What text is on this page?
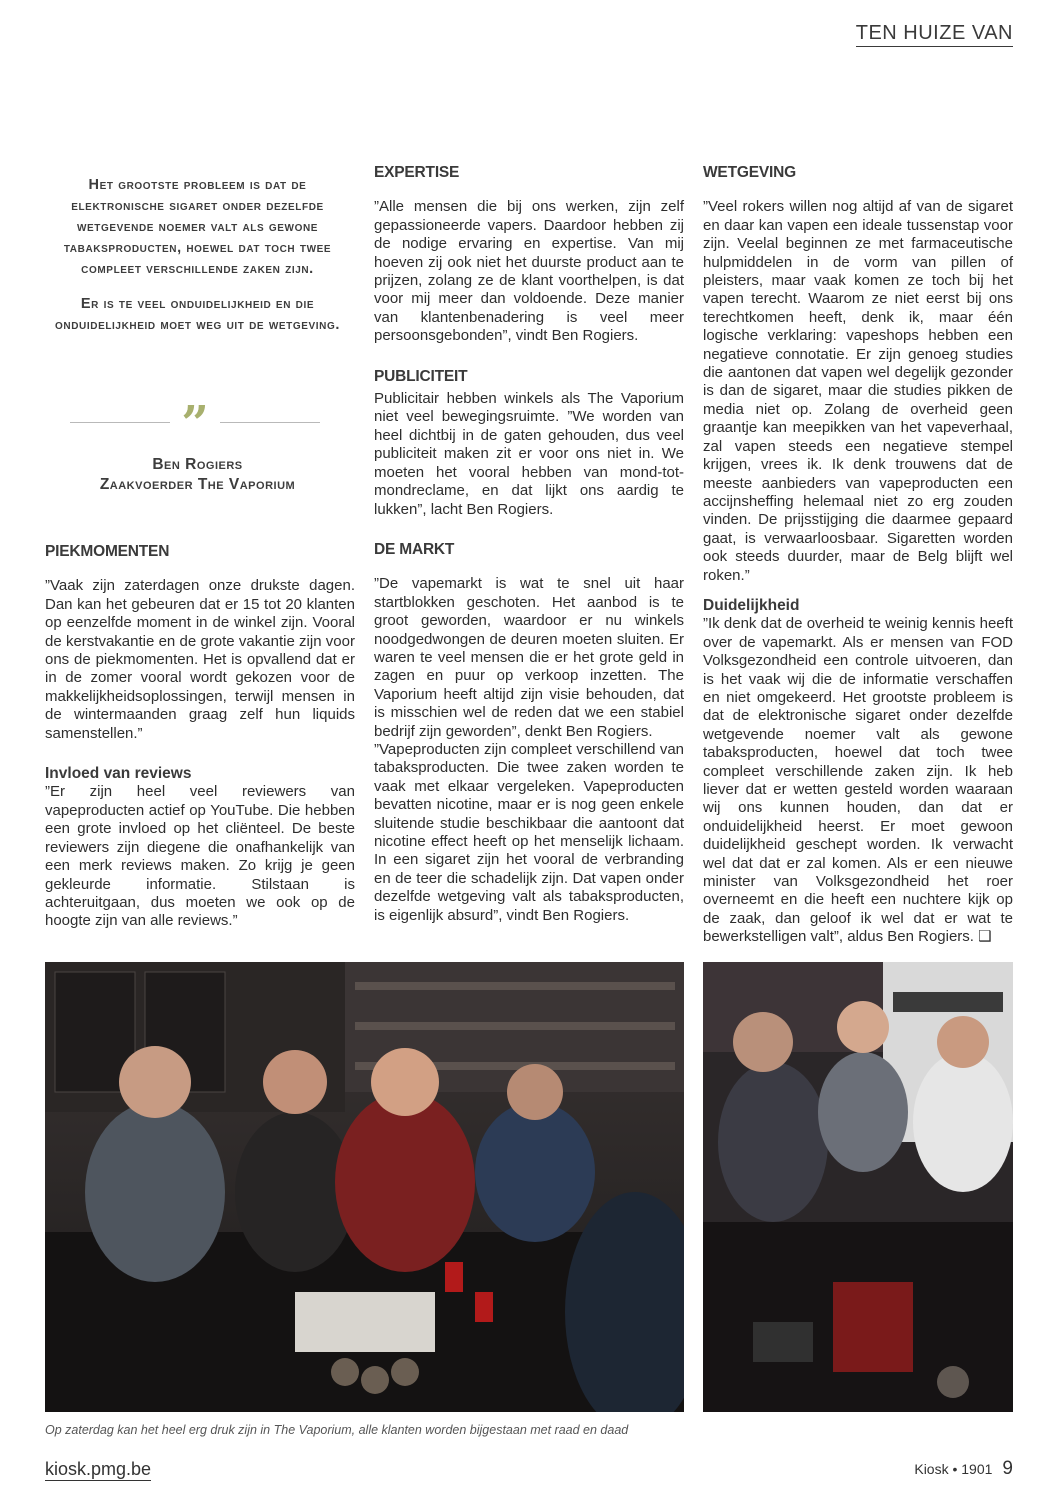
TEN HUIZE VAN

Het grootste probleem is dat de elektronische sigaret onder dezelfde wetgevende noemer valt als gewone tabaksproducten, hoewel dat toch twee compleet verschillende zaken zijn.

Er is te veel onduidelijkheid en die onduidelijkheid moet weg uit de wetgeving.

”
Ben Rogiers
Zaakvoerder The Vaporium
PIEKMOMENTEN

”Vaak zijn zaterdagen onze drukste dagen. Dan kan het gebeuren dat er 15 tot 20 klanten op eenzelfde moment in de winkel zijn. Vooral de kerstvakantie en de grote vakantie zijn voor ons de piekmomenten. Het is opvallend dat er in de zomer vooral wordt gekozen voor de makkelijkheidsoplossingen, terwijl mensen in de wintermaanden graag zelf hun liquids samenstellen.”

Invloed van reviews

”Er zijn heel veel reviewers van vapeproducten actief op YouTube. Die hebben een grote invloed op het cliënteel. De beste reviewers zijn diegene die onafhankelijk van een merk reviews maken. Zo krijg je geen gekleurde informatie. Stilstaan is achteruitgaan, dus moeten we ook op de hoogte zijn van alle reviews.”

EXPERTISE

”Alle mensen die bij ons werken, zijn zelf gepassioneerde vapers. Daardoor hebben zij de nodige ervaring en expertise. Van mij hoeven zij ook niet het duurste product aan te prijzen, zolang ze de klant voorthelpen, is dat voor mij meer dan voldoende. Deze manier van klantenbenadering is veel meer persoonsgebonden”, vindt Ben Rogiers.

PUBLICITEIT

Publicitair hebben winkels als The Vaporium niet veel bewegingsruimte. ”We worden van heel dichtbij in de gaten gehouden, dus veel publiciteit maken zit er voor ons niet in. We moeten het vooral hebben van mond-tot-mondreclame, en dat lijkt ons aardig te lukken”, lacht Ben Rogiers.

DE MARKT

”De vapemarkt is wat te snel uit haar startblokken geschoten. Het aanbod is te groot geworden, waardoor er nu winkels noodgedwongen de deuren moeten sluiten. Er waren te veel mensen die er het grote geld in zagen en puur op verkoop inzetten. The Vaporium heeft altijd zijn visie behouden, dat is misschien wel de reden dat we een stabiel bedrijf zijn geworden”, denkt Ben Rogiers.

”Vapeproducten zijn compleet verschillend van tabaksproducten. Die twee zaken worden te vaak met elkaar vergeleken. Vapeproducten bevatten nicotine, maar er is nog geen enkele sluitende studie beschikbaar die aantoont dat nicotine effect heeft op het menselijk lichaam. In een sigaret zijn het vooral de verbranding en de teer die schadelijk zijn. Dat vapen onder dezelfde wetgeving valt als tabaksproducten, is eigenlijk absurd”, vindt Ben Rogiers.

WETGEVING

”Veel rokers willen nog altijd af van de sigaret en daar kan vapen een ideale tussenstap voor zijn. Veelal beginnen ze met farmaceutische hulpmiddelen in de vorm van pillen of pleisters, maar vaak komen ze toch bij het vapen terecht. Waarom ze niet eerst bij ons terechtkomen heeft, denk ik, maar één logische verklaring: vapeshops hebben een negatieve connotatie. Er zijn genoeg studies die aantonen dat vapen wel degelijk gezonder is dan de sigaret, maar die studies pikken de media niet op. Zolang de overheid geen graantje kan meepikken van het vapeverhaal, zal vapen steeds een negatieve stempel krijgen, vrees ik. Ik denk trouwens dat de meeste aanbieders van vapeproducten een accijnsheffing helemaal niet zo erg zouden vinden. De prijsstijging die daarmee gepaard gaat, is verwaarloosbaar. Sigaretten worden ook steeds duurder, maar de Belg blijft wel roken.”

Duidelijkheid

”Ik denk dat de overheid te weinig kennis heeft over de vapemarkt. Als er mensen van FOD Volksgezondheid een controle uitvoeren, dan is het vaak wij die de informatie verschaffen en niet omgekeerd. Het grootste probleem is dat de elektronische sigaret onder dezelfde wetgevende noemer valt als gewone tabaksproducten, hoewel dat toch twee compleet verschillende zaken zijn. Ik heb liever dat er wetten gesteld worden waaraan wij ons kunnen houden, dan dat er onduidelijkheid heerst. Er moet gewoon duidelijkheid geschept worden. Ik verwacht wel dat dat er zal komen. Als er een nieuwe minister van Volksgezondheid het roer overneemt en die heeft een nuchtere kijk op de zaak, dan geloof ik wel dat er wat te bewerkstelligen valt”, aldus Ben Rogiers. ❑

Op zaterdag kan het heel erg druk zijn in The Vaporium, alle klanten worden bijgestaan met raad en daad
kiosk.pmg.be	Kiosk • 1901 9
